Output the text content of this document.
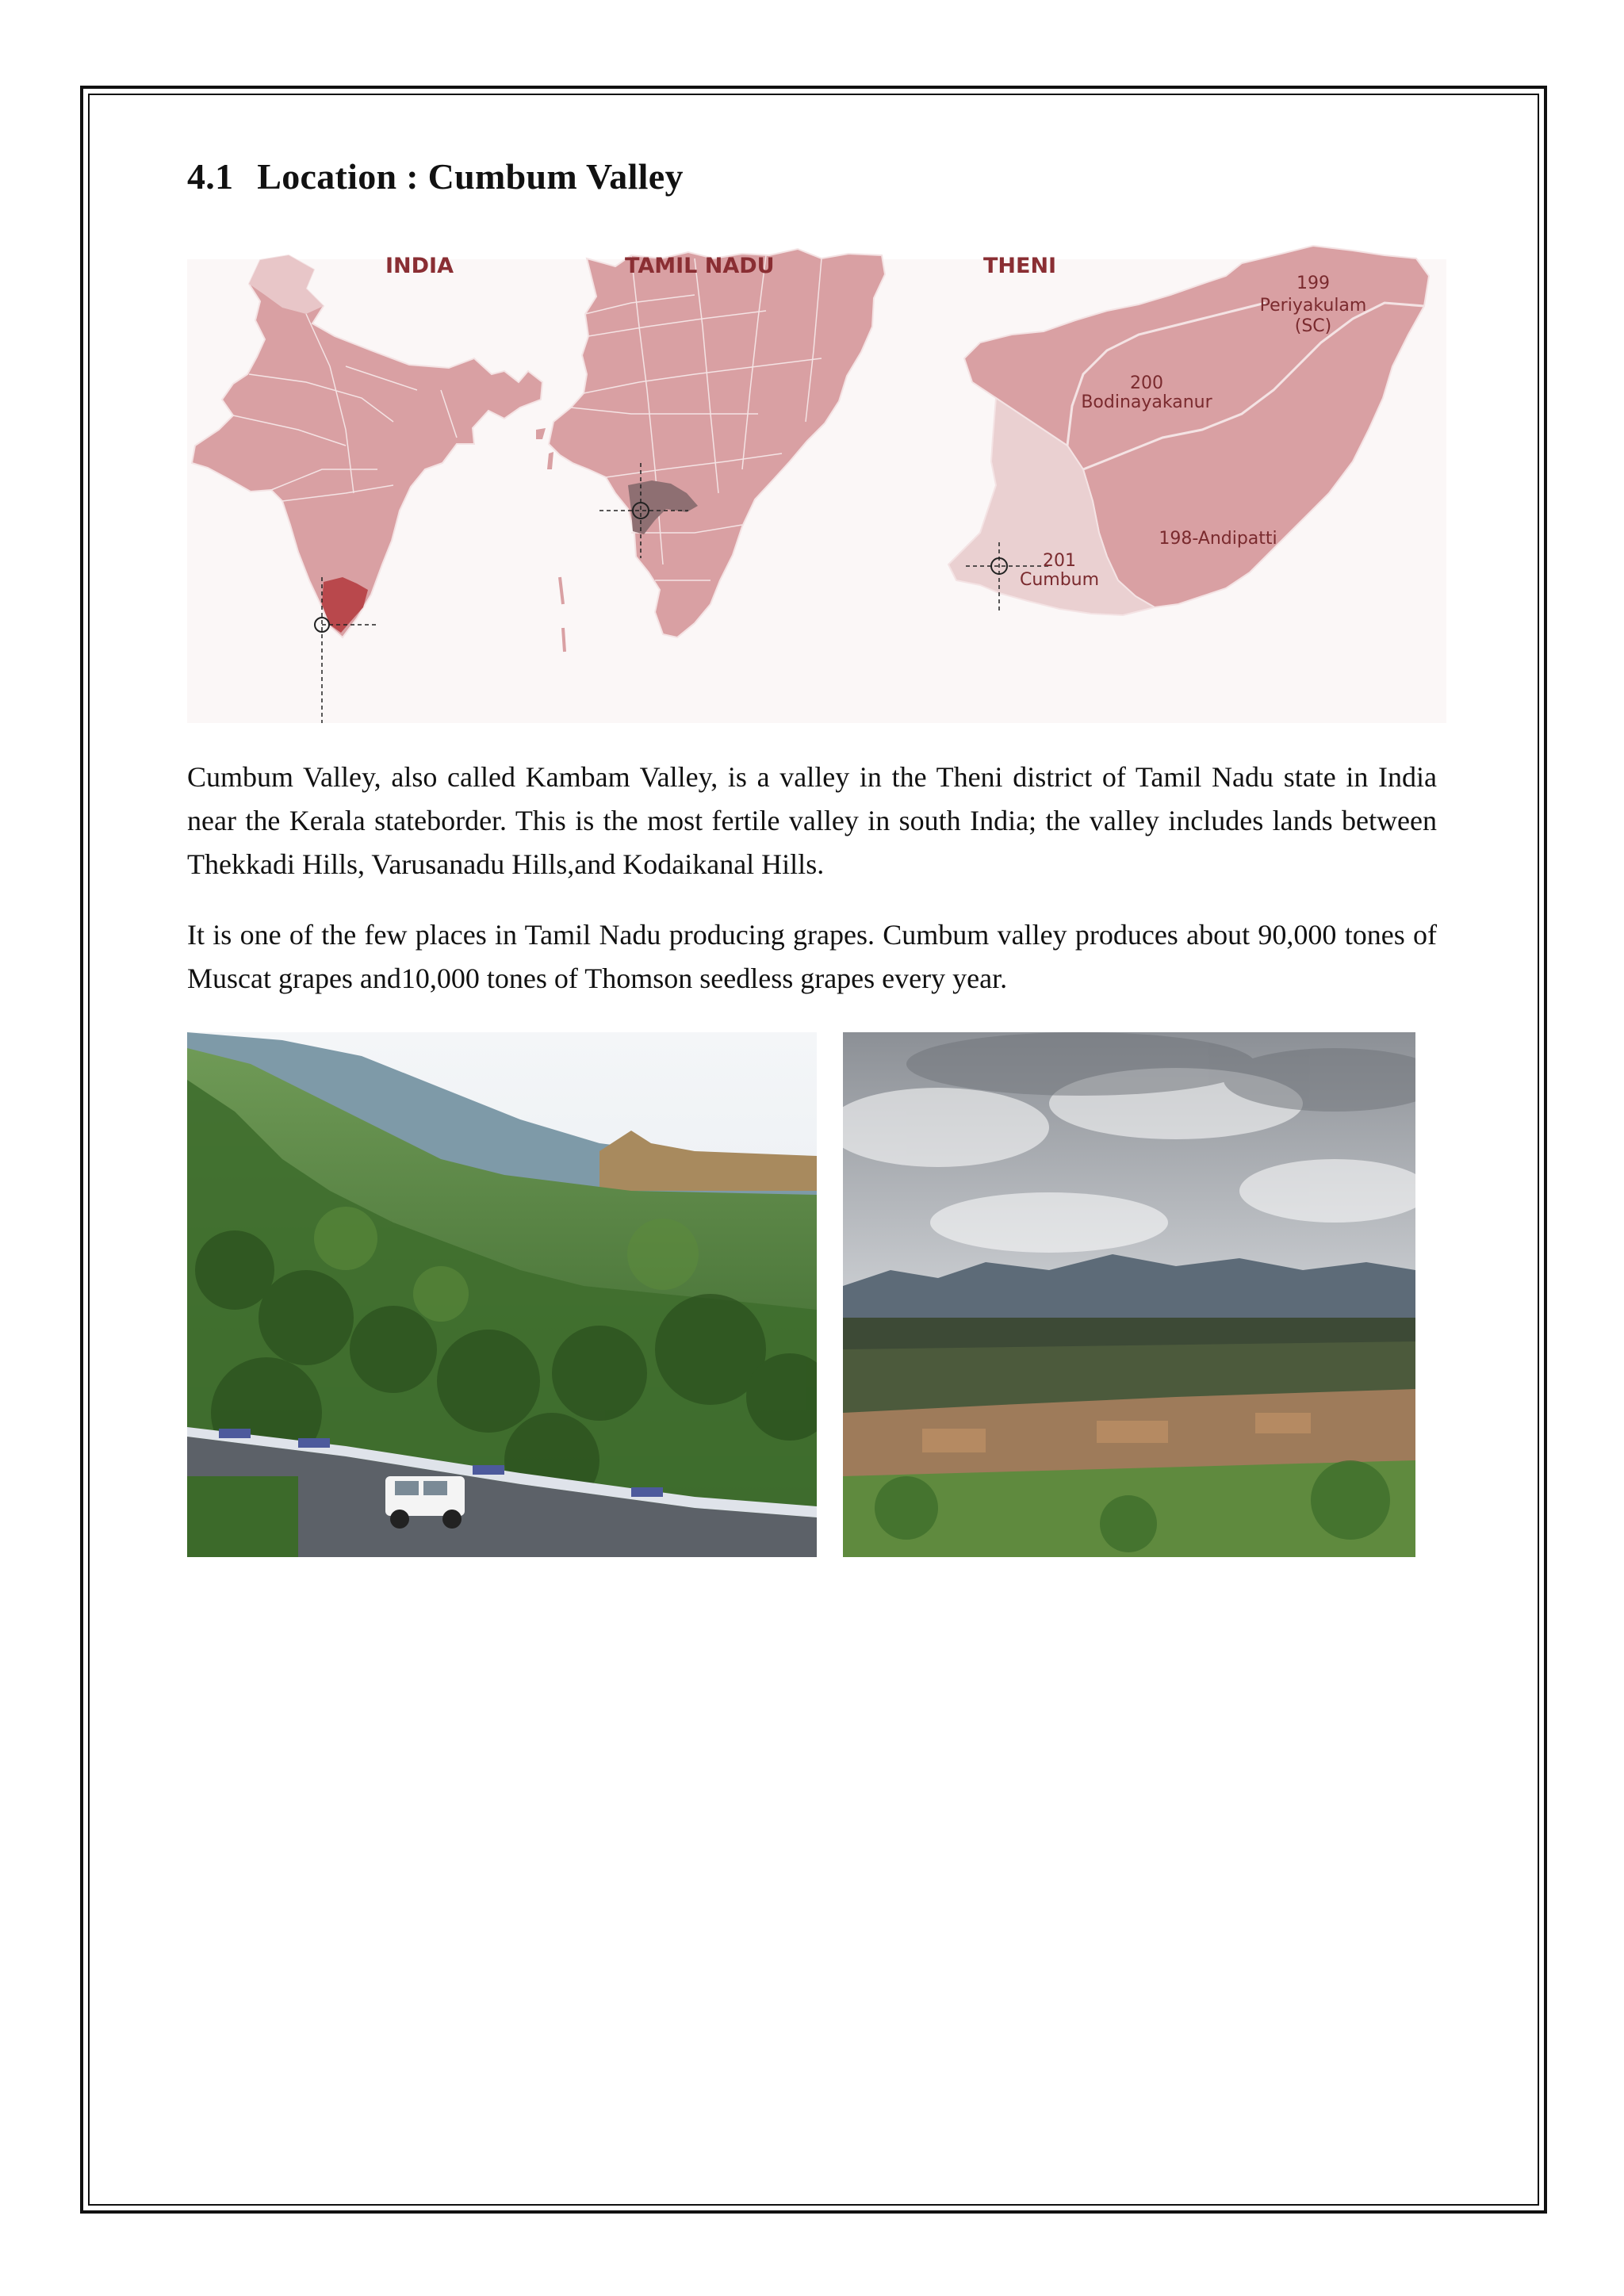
4.1 Location : Cumbum Valley
INDIA	TAMIL NADU	THENI
199
Periyakulam
(SC)
200
Bodinayakanur
198-Andipatti
201
Cumbum

Cumbum Valley, also called Kambam Valley, is a valley in the Theni district of Tamil Nadu state in India near the Kerala stateborder. This is the most fertile valley in south India; the valley includes lands between Thekkadi Hills, Varusanadu Hills,and Kodaikanal Hills.

It is one of the few places in Tamil Nadu producing grapes. Cumbum valley produces about 90,000 tones of Muscat grapes and10,000 tones of Thomson seedless grapes every year.
